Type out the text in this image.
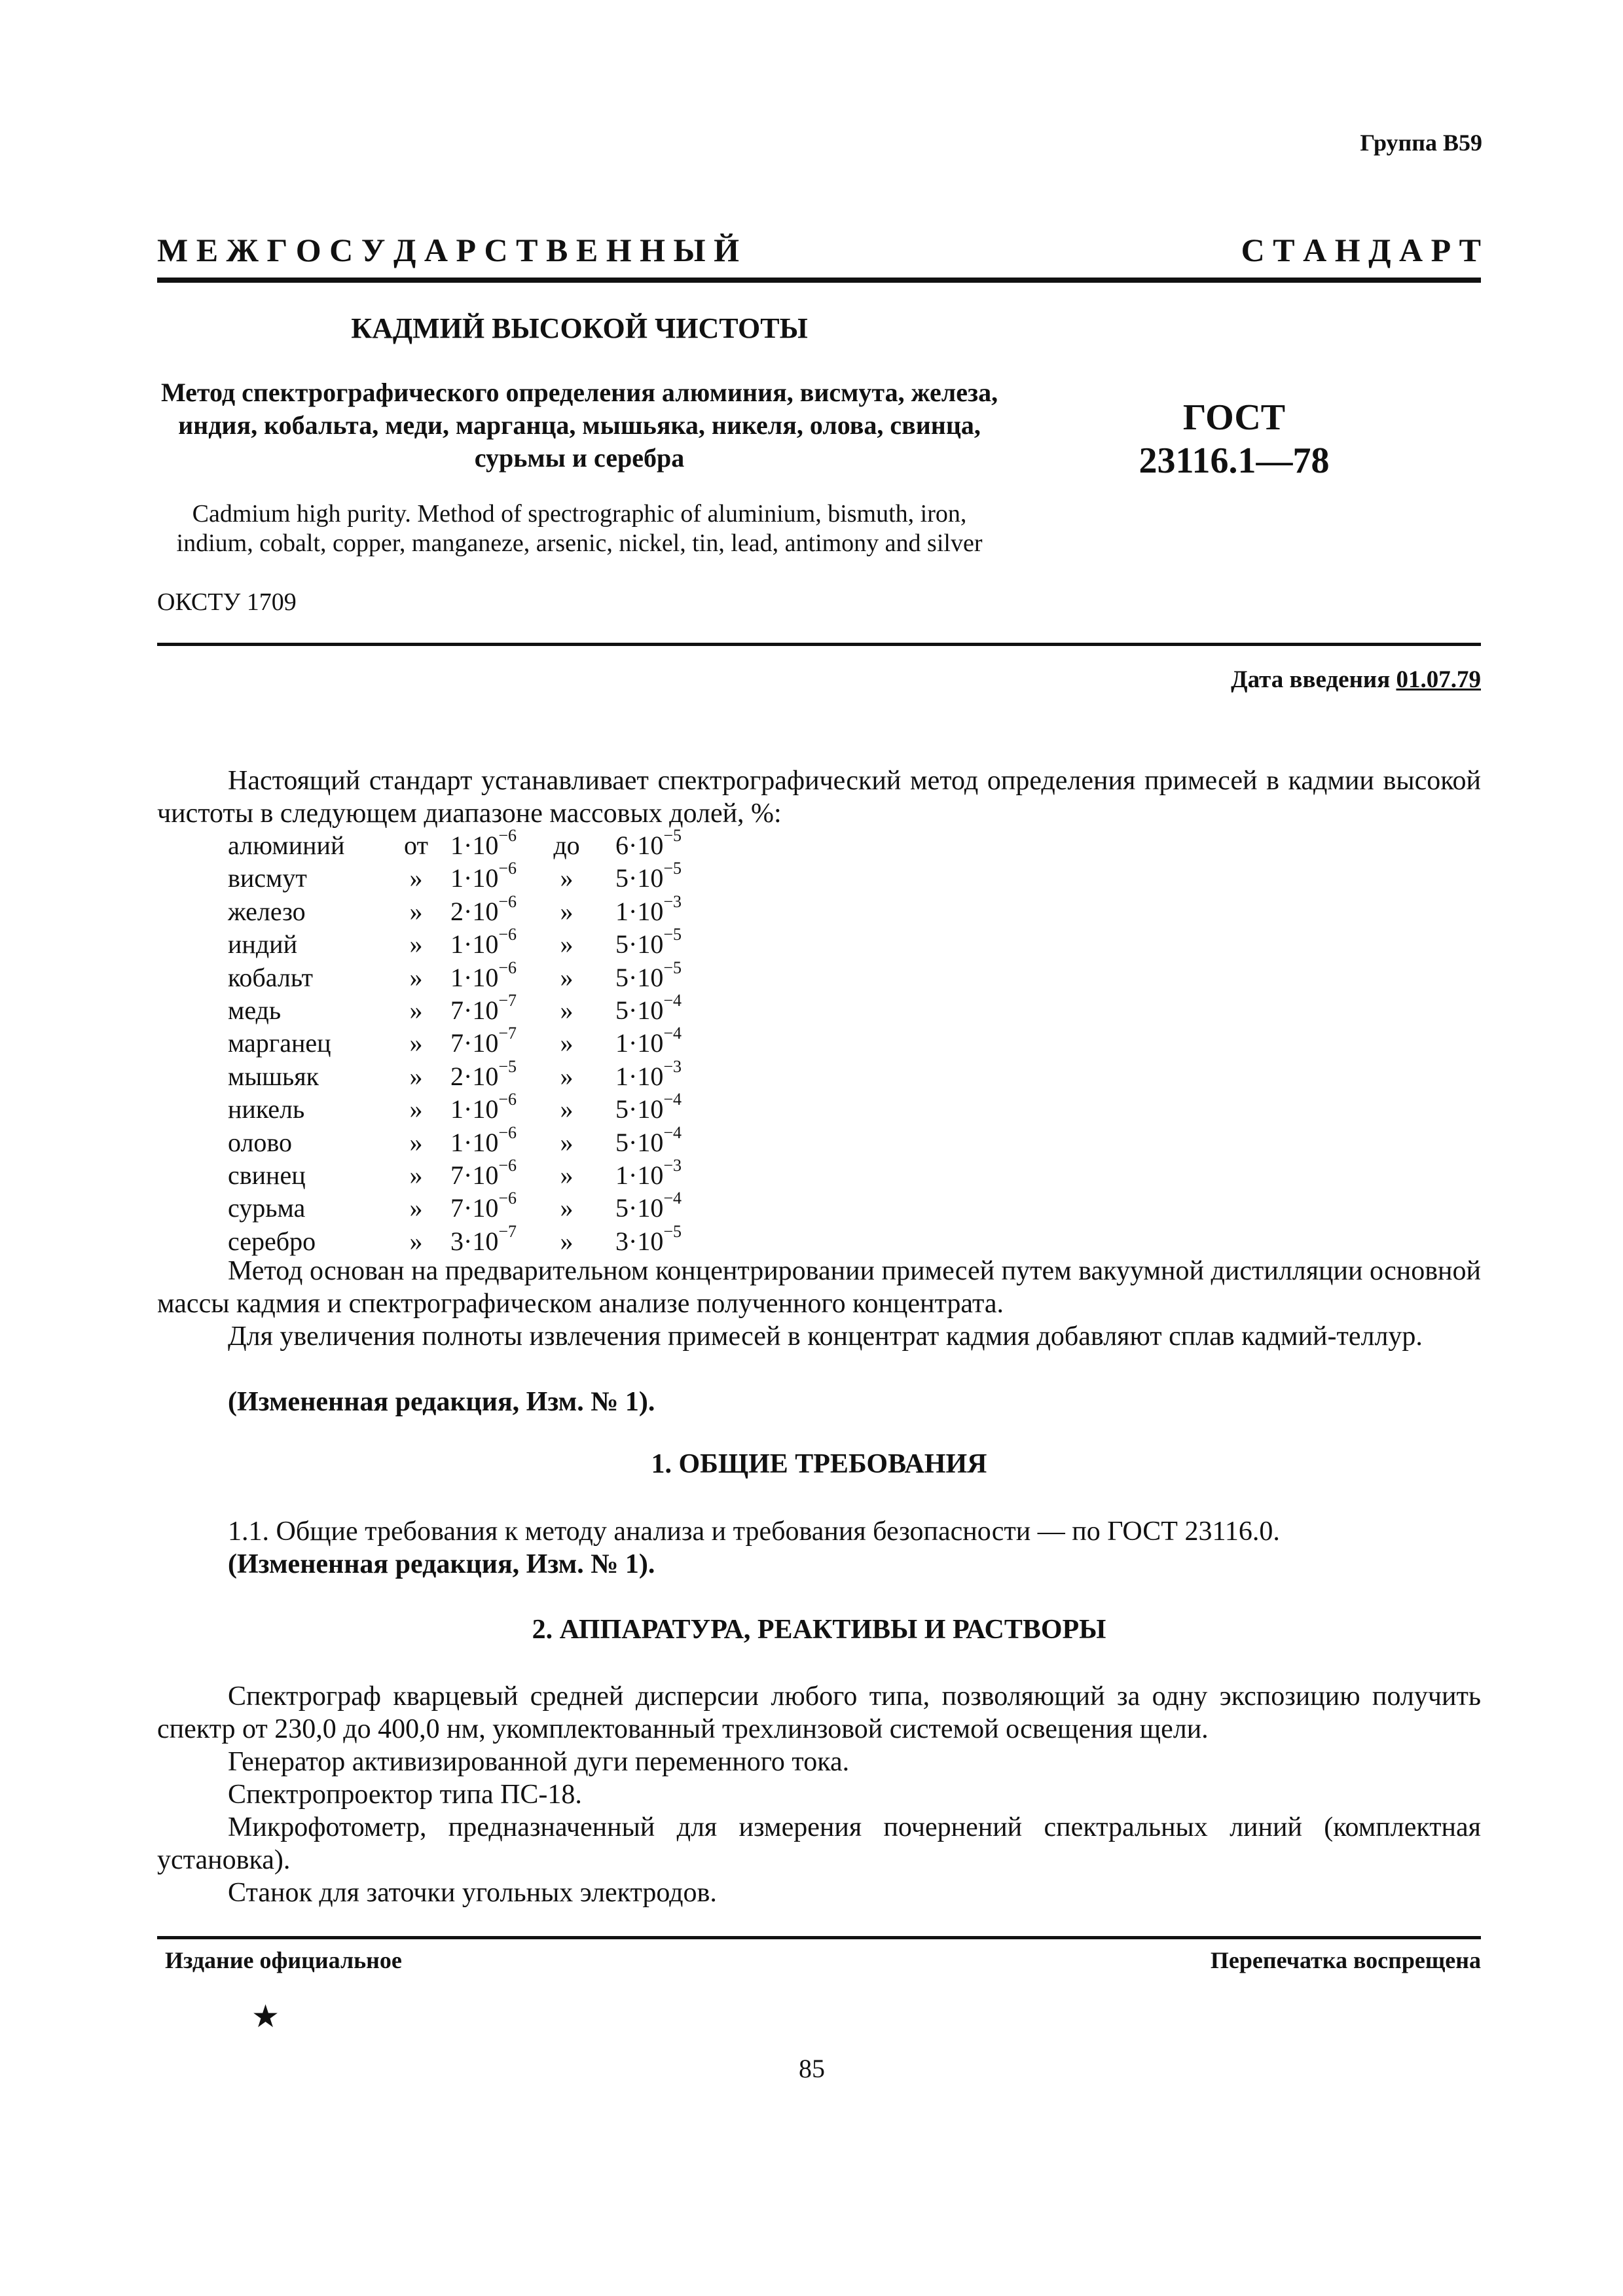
Группа В59
М Е Ж Г О С У Д А Р С Т В Е Н Н Ы Й	С Т А Н Д А Р Т
КАДМИЙ ВЫСОКОЙ ЧИСТОТЫ
Метод спектрографического определения алюминия, висмута, железа, индия, кобальта, меди, марганца, мышьяка, никеля, олова, свинца, сурьмы и серебра
ГОСТ
23116.1—78
Cadmium high purity. Method of spectrographic of aluminium, bismuth, iron, indium, cobalt, copper, manganeze, arsenic, nickel, tin, lead, antimony and silver
ОКСТУ 1709
Дата введения 01.07.79
Настоящий стандарт устанавливает спектрографический метод определения примесей в кадмии высокой чистоты в следующем диапазоне массовых долей, %:
алюминий от $1\cdot 10^{-6}$ до $6\cdot 10^{-5}$
висмут	»	$1\cdot 10^{-6}$	»	$5\cdot 10^{-5}$
железо	»	$2\cdot 10^{-6}$	»	$1\cdot 10^{-3}$
индий	»	$1\cdot 10^{-6}$	»	$5\cdot 10^{-5}$
кобальт	»	$1\cdot 10^{-6}$	»	$5\cdot 10^{-5}$
медь	»	$7\cdot 10^{-7}$	»	$5\cdot 10^{-4}$
марганец	»	$7\cdot 10^{-7}$	»	$1\cdot 10^{-4}$
мышьяк	»	$2\cdot 10^{-5}$	»	$1\cdot 10^{-3}$
никель	»	$1\cdot 10^{-6}$	»	$5\cdot 10^{-4}$
олово	»	$1\cdot 10^{-6}$	»	$5\cdot 10^{-4}$
свинец	»	$7\cdot 10^{-6}$	»	$1\cdot 10^{-3}$
сурьма	»	$7\cdot 10^{-6}$	»	$5\cdot 10^{-4}$
серебро	»	$3\cdot 10^{-7}$	»	$3\cdot 10^{-5}$
Метод основан на предварительном концентрировании примесей путем вакуумной дистилляции основной массы кадмия и спектрографическом анализе полученного концентрата.
Для увеличения полноты извлечения примесей в концентрат кадмия добавляют сплав кадмий-теллур.
(Измененная редакция, Изм. № 1).
1. ОБЩИЕ ТРЕБОВАНИЯ
1.1. Общие требования к методу анализа и требования безопасности — по ГОСТ 23116.0.
(Измененная редакция, Изм. № 1).
2. АППАРАТУРА, РЕАКТИВЫ И РАСТВОРЫ
Спектрограф кварцевый средней дисперсии любого типа, позволяющий за одну экспозицию получить спектр от 230,0 до 400,0 нм, укомплектованный трехлинзовой системой освещения щели.
Генератор активизированной дуги переменного тока.
Спектропроектор типа ПС-18.
Микрофотометр, предназначенный для измерения почернений спектральных линий (комплектная установка).
Станок для заточки угольных электродов.
Издание официальное	Перепечатка воспрещена
★
85
